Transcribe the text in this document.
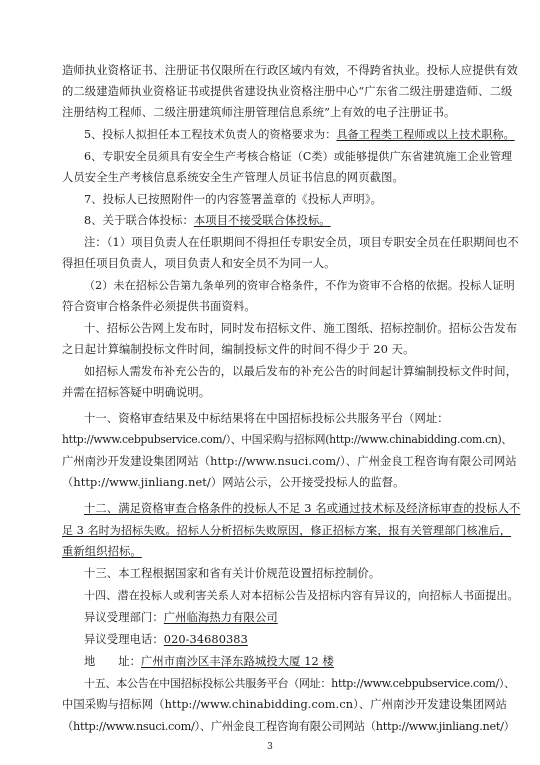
造师执业资格证书、注册证书仅限所在行政区域内有效，不得跨省执业。投标人应提供有效
的二级建造师执业资格证书或提供省建设执业资格注册中心“广东省二级注册建造师、二级
注册结构工程师、二级注册建筑师注册管理信息系统”上有效的电子注册证书。
5、投标人拟担任本工程技术负责人的资格要求为：具备工程类工程师或以上技术职称。
6、专职安全员须具有安全生产考核合格证（C类）或能够提供广东省建筑施工企业管理
人员安全生产考核信息系统安全生产管理人员证书信息的网页截图。
7、投标人已按照附件一的内容签署盖章的《投标人声明》。
8、关于联合体投标：本项目不接受联合体投标。
注：（1）项目负责人在任职期间不得担任专职安全员，项目专职安全员在任职期间也不
得担任项目负责人，项目负责人和安全员不为同一人。
（2）未在招标公告第九条单列的资审合格条件，不作为资审不合格的依据。投标人证明
符合资审合格条件必须提供书面资料。
十、招标公告网上发布时，同时发布招标文件、施工图纸、招标控制价。招标公告发布
之日起计算编制投标文件时间，编制投标文件的时间不得少于 20 天。
如招标人需发布补充公告的，以最后发布的补充公告的时间起计算编制投标文件时间，
并需在招标答疑中明确说明。
十一、资格审查结果及中标结果将在中国招标投标公共服务平台（网址：
http://www.cebpubservice.com/）、中国采购与招标网(http://www.chinabidding.com.cn)、
广州南沙开发建设集团网站（http://www.nsuci.com/）、广州金良工程咨询有限公司网站
（http://www.jinliang.net/）网站公示，公开接受投标人的监督。
十二、满足资格审查合格条件的投标人不足 3 名或通过技术标及经济标审查的投标人不
足 3 名时为招标失败。招标人分析招标失败原因，修正招标方案，报有关管理部门核准后，
重新组织招标。
十三、本工程根据国家和省有关计价规范设置招标控制价。
十四、潜在投标人或利害关系人对本招标公告及招标内容有异议的，向招标人书面提出。
异议受理部门：广州临海热力有限公司
异议受理电话：020-34680383
地　　址：广州市南沙区丰泽东路城投大厦 12 楼
十五、本公告在中国招标投标公共服务平台（网址：http://www.cebpubservice.com/）、
中国采购与招标网（http://www.chinabidding.com.cn）、广州南沙开发建设集团网站
（http://www.nsuci.com/）、广州金良工程咨询有限公司网站（http://www.jinliang.net/）
3
